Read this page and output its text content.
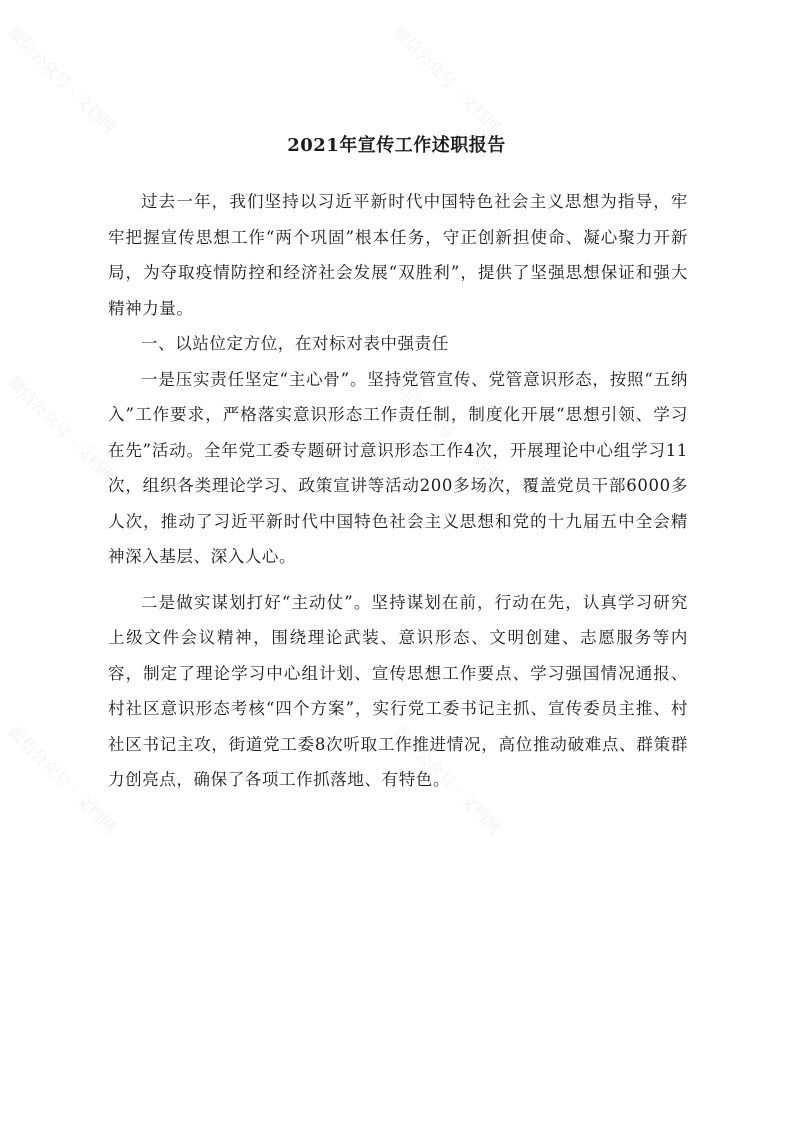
微信公众号 · 文档网	微信公众号 · 文档网
微信公众号 · 文档网	微信公众号 · 文档网
微信公众号 · 文档网	微信公众号 · 文档网
2021年宣传工作述职报告

过去一年，我们坚持以习近平新时代中国特色社会主义思想为指导，牢牢把握宣传思想工作“两个巩固”根本任务，守正创新担使命、凝心聚力开新局，为夺取疫情防控和经济社会发展“双胜利”，提供了坚强思想保证和强大精神力量。

一、以站位定方位，在对标对表中强责任

一是压实责任坚定“主心骨”。坚持党管宣传、党管意识形态，按照“五纳入”工作要求，严格落实意识形态工作责任制，制度化开展“思想引领、学习在先”活动。全年党工委专题研讨意识形态工作4次，开展理论中心组学习11次，组织各类理论学习、政策宣讲等活动200多场次，覆盖党员干部6000多人次，推动了习近平新时代中国特色社会主义思想和党的十九届五中全会精神深入基层、深入人心。

二是做实谋划打好“主动仗”。坚持谋划在前，行动在先，认真学习研究上级文件会议精神，围绕理论武装、意识形态、文明创建、志愿服务等内容，制定了理论学习中心组计划、宣传思想工作要点、学习强国情况通报、村社区意识形态考核“四个方案”，实行党工委书记主抓、宣传委员主推、村社区书记主攻，街道党工委8次听取工作推进情况，高位推动破难点、群策群力创亮点，确保了各项工作抓落地、有特色。
